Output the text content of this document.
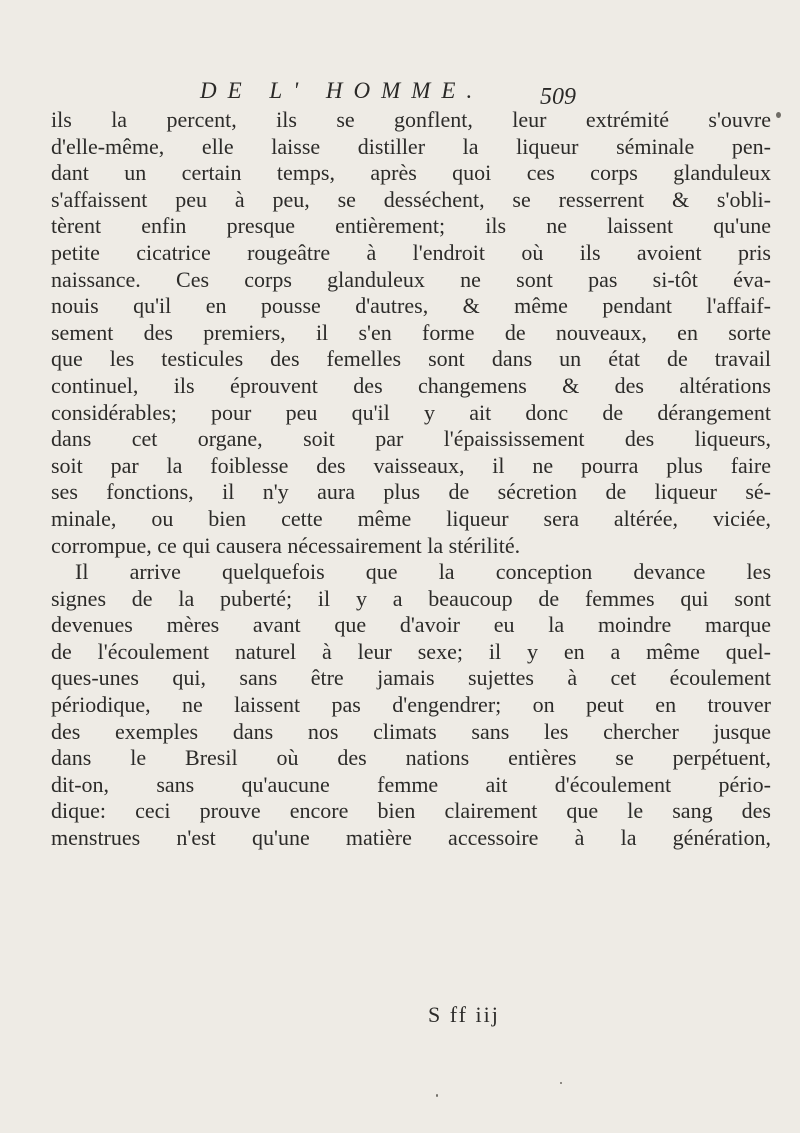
DE L' HOMME. 509
ils la percent, ils se gonflent, leur extrémité s'ouvre
d'elle-même, elle laisse distiller la liqueur séminale pen-
dant un certain temps, après quoi ces corps glanduleux
s'affaissent peu à peu, se desséchent, se resserrent & s'obli-
tèrent enfin presque entièrement; ils ne laissent qu'une
petite cicatrice rougeâtre à l'endroit où ils avoient pris
naissance. Ces corps glanduleux ne sont pas si-tôt éva-
nouis qu'il en pousse d'autres, & même pendant l'affaif-
sement des premiers, il s'en forme de nouveaux, en sorte
que les testicules des femelles sont dans un état de travail
continuel, ils éprouvent des changemens & des altérations
considérables; pour peu qu'il y ait donc de dérangement
dans cet organe, soit par l'épaississement des liqueurs,
soit par la foiblesse des vaisseaux, il ne pourra plus faire
ses fonctions, il n'y aura plus de sécretion de liqueur sé-
minale, ou bien cette même liqueur sera altérée, viciée,
corrompue, ce qui causera nécessairement la stérilité.
Il arrive quelquefois que la conception devance les
signes de la puberté; il y a beaucoup de femmes qui sont
devenues mères avant que d'avoir eu la moindre marque
de l'écoulement naturel à leur sexe; il y en a même quel-
ques-unes qui, sans être jamais sujettes à cet écoulement
périodique, ne laissent pas d'engendrer; on peut en trouver
des exemples dans nos climats sans les chercher jusque
dans le Bresil où des nations entières se perpétuent,
dit-on, sans qu'aucune femme ait d'écoulement pério-
dique: ceci prouve encore bien clairement que le sang des
menstrues n'est qu'une matière accessoire à la génération,
S ff iij
